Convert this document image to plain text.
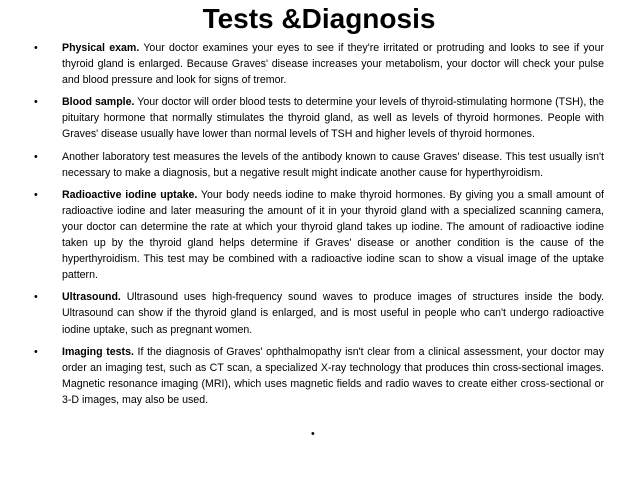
Tests &Diagnosis
• Physical exam. Your doctor examines your eyes to see if they're irritated or protruding and looks to see if your thyroid gland is enlarged. Because Graves' disease increases your metabolism, your doctor will check your pulse and blood pressure and look for signs of tremor.
• Blood sample. Your doctor will order blood tests to determine your levels of thyroid-stimulating hormone (TSH), the pituitary hormone that normally stimulates the thyroid gland, as well as levels of thyroid hormones. People with Graves' disease usually have lower than normal levels of TSH and higher levels of thyroid hormones.
• Another laboratory test measures the levels of the antibody known to cause Graves' disease. This test usually isn't necessary to make a diagnosis, but a negative result might indicate another cause for hyperthyroidism.
• Radioactive iodine uptake. Your body needs iodine to make thyroid hormones. By giving you a small amount of radioactive iodine and later measuring the amount of it in your thyroid gland with a specialized scanning camera, your doctor can determine the rate at which your thyroid gland takes up iodine. The amount of radioactive iodine taken up by the thyroid gland helps determine if Graves' disease or another condition is the cause of the hyperthyroidism. This test may be combined with a radioactive iodine scan to show a visual image of the uptake pattern.
• Ultrasound. Ultrasound uses high-frequency sound waves to produce images of structures inside the body. Ultrasound can show if the thyroid gland is enlarged, and is most useful in people who can't undergo radioactive iodine uptake, such as pregnant women.
• Imaging tests. If the diagnosis of Graves' ophthalmopathy isn't clear from a clinical assessment, your doctor may order an imaging test, such as CT scan, a specialized X-ray technology that produces thin cross-sectional images. Magnetic resonance imaging (MRI), which uses magnetic fields and radio waves to create either cross-sectional or 3-D images, may also be used.
•
